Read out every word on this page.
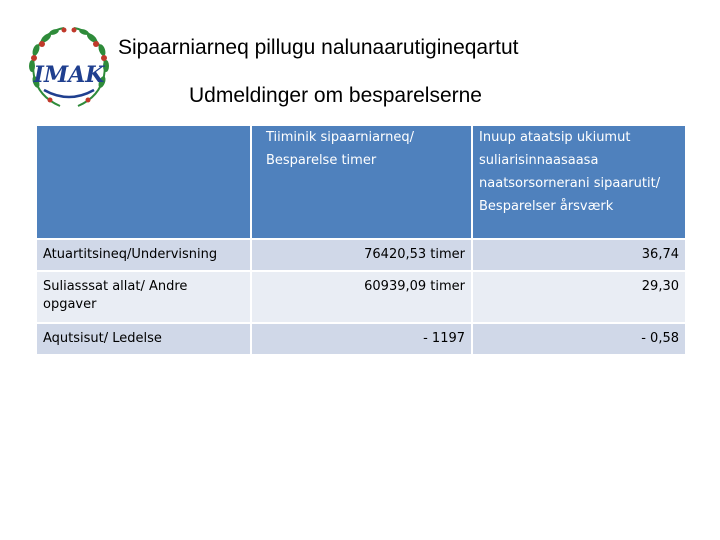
IMAK
Sipaarniarneq pillugu nalunaarutigineqartut
Udmeldinger om besparelserne
	Tiiminik sipaarniarneq/ Besparelse timer	Inuup ataatsip ukiumut suliarisinnaasaasa naatsorsornerani sipaarutit/ Besparelser årsværk
Atuartitsineq/Undervisning	76420,53 timer	36,74
Suliasssat allat/ Andre opgaver	60939,09 timer	29,30
Aqutsisut/ Ledelse	- 1197	- 0,58
